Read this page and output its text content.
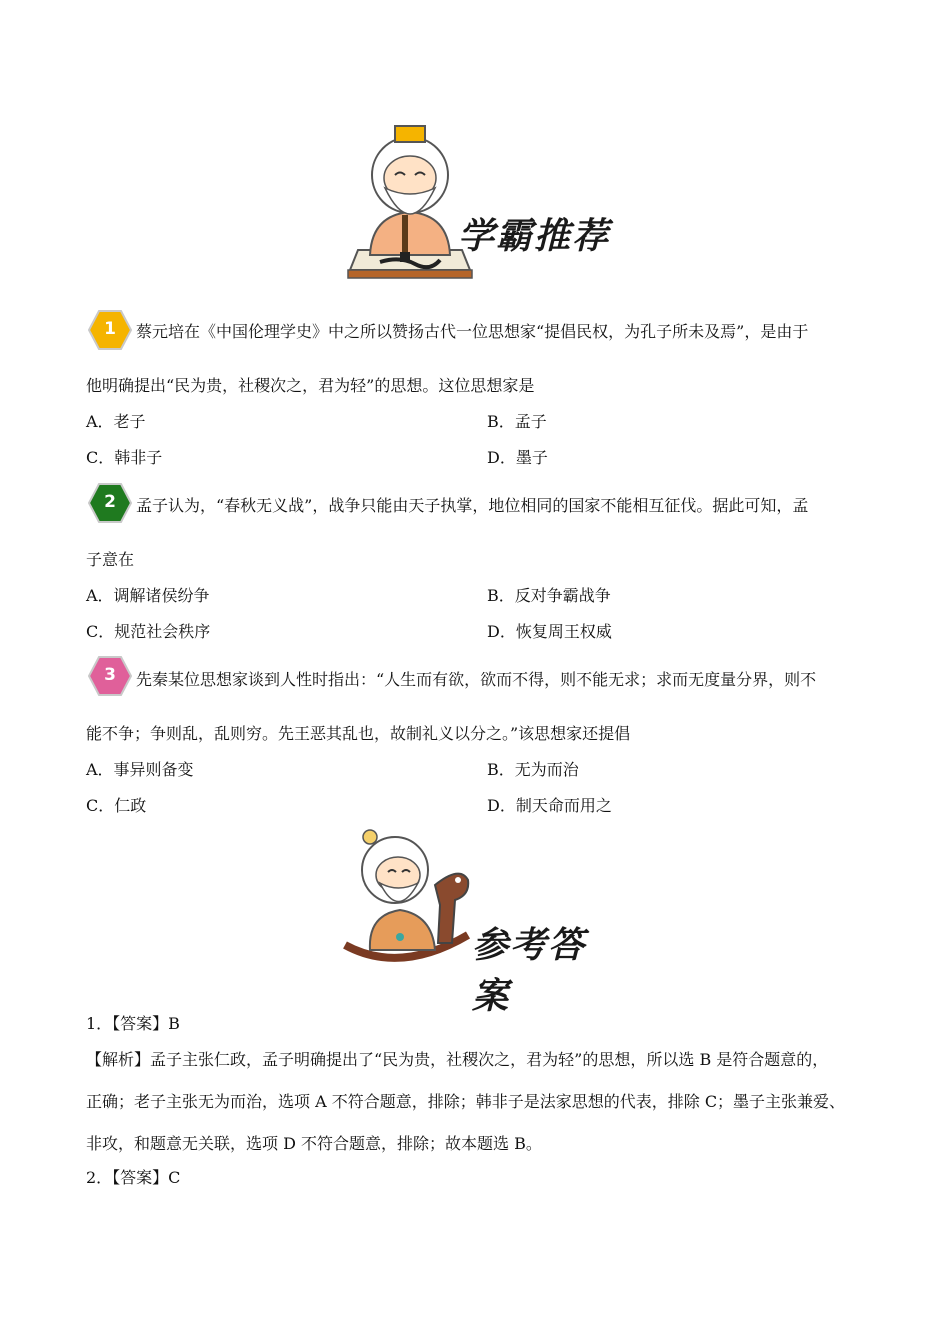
学霸推荐
1	蔡元培在《中国伦理学史》中之所以赞扬古代一位思想家“提倡民权，为孔子所未及焉”，是由于
他明确提出“民为贵，社稷次之，君为轻”的思想。这位思想家是
A．老子	B．孟子
C．韩非子	D．墨子
2	孟子认为，“春秋无义战”，战争只能由天子执掌，地位相同的国家不能相互征伐。据此可知，孟
子意在
A．调解诸侯纷争	B．反对争霸战争
C．规范社会秩序	D．恢复周王权威
3	先秦某位思想家谈到人性时指出：“人生而有欲，欲而不得，则不能无求；求而无度量分界，则不
能不争；争则乱，乱则穷。先王恶其乱也，故制礼义以分之。”该思想家还提倡
A．事异则备变	B．无为而治
C．仁政	D．制天命而用之
参考答案
1．【答案】B
【解析】孟子主张仁政，孟子明确提出了“民为贵，社稷次之，君为轻”的思想，所以选 B 是符合题意的，
正确；老子主张无为而治，选项 A 不符合题意，排除；韩非子是法家思想的代表，排除 C；墨子主张兼爱、
非攻，和题意无关联，选项 D 不符合题意，排除；故本题选 B。
2．【答案】C
